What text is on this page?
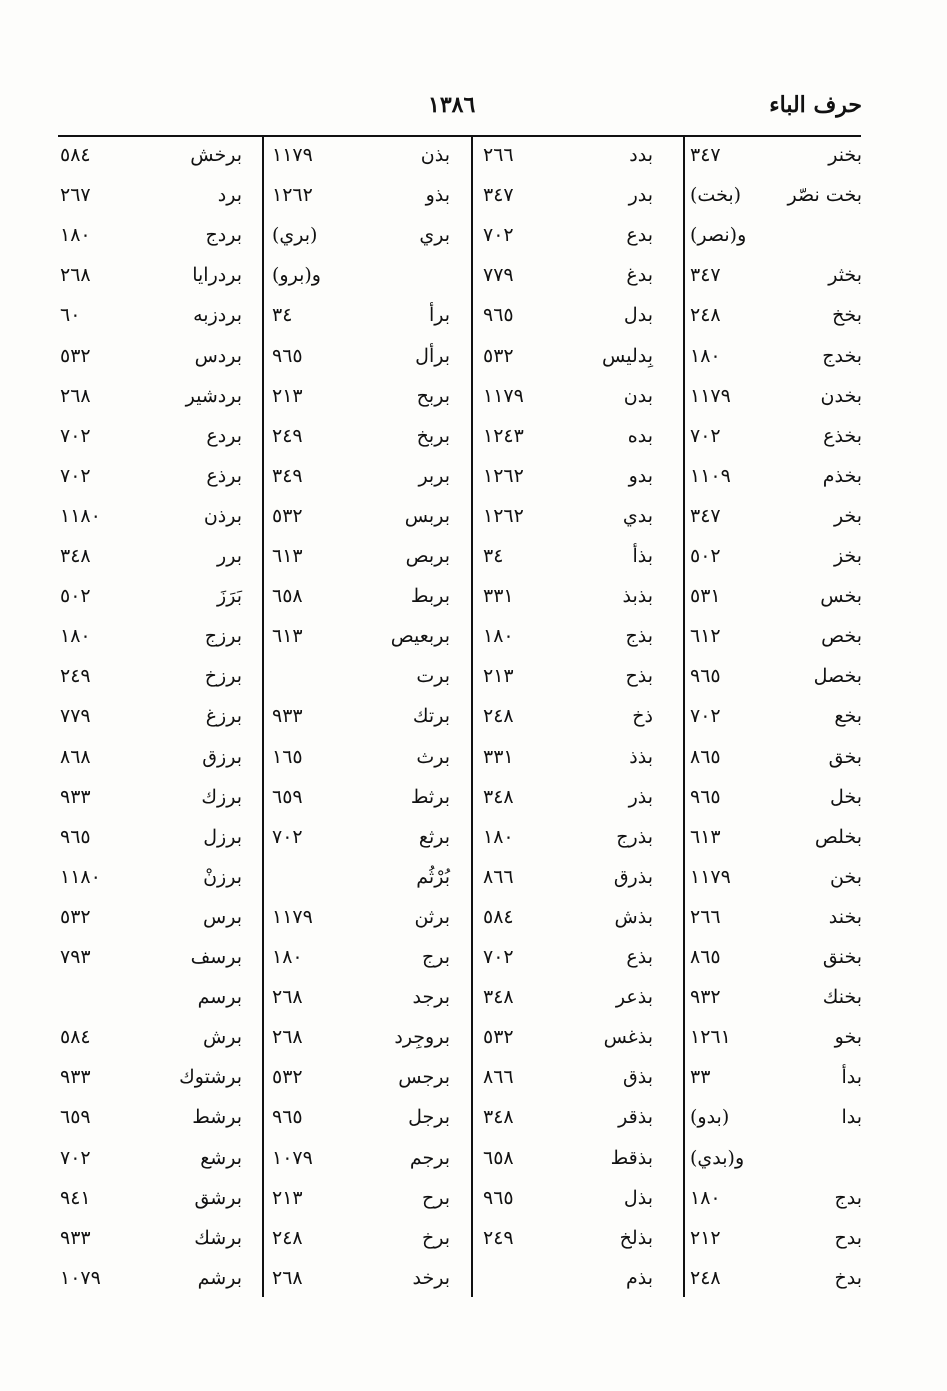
حرف الباء
١٣٨٦
بخنر
٣٤٧
بخت نصّر
(بخت)
و(نصر)
بخثر
٣٤٧
بخخ
٢٤٨
بخدج
١٨٠
بخدن
١١٧٩
بخذع
٧٠٢
بخذم
١١٠٩
بخر
٣٤٧
بخز
٥٠٢
بخس
٥٣١
بخص
٦١٢
بخصل
٩٦٥
بخع
٧٠٢
بخق
٨٦٥
بخل
٩٦٥
بخلص
٦١٣
بخن
١١٧٩
بخند
٢٦٦
بخنق
٨٦٥
بخنك
٩٣٢
بخو
١٢٦١
بدأ
٣٣
بدا
(بدو)
و(بدي)
بدج
١٨٠
بدح
٢١٢
بدخ
٢٤٨
بدد
٢٦٦
بدر
٣٤٧
بدع
٧٠٢
بدغ
٧٧٩
بدل
٩٦٥
بِدليس
٥٣٢
بدن
١١٧٩
بده
١٢٤٣
بدو
١٢٦٢
بدي
١٢٦٢
بذأ
٣٤
بذبذ
٣٣١
بذج
١٨٠
بذح
٢١٣
ذخ
٢٤٨
بذذ
٣٣١
بذر
٣٤٨
بذرج
١٨٠
بذرق
٨٦٦
بذش
٥٨٤
بذع
٧٠٢
بذعر
٣٤٨
بذغس
٥٣٢
بذق
٨٦٦
بذقر
٣٤٨
بذقط
٦٥٨
بذل
٩٦٥
بذلخ
٢٤٩
بذم
بذن
١١٧٩
بذو
١٢٦٢
بري
(بري)
و(برو)
برأ
٣٤
برأل
٩٦٥
بربح
٢١٣
بربخ
٢٤٩
بربر
٣٤٩
بربس
٥٣٢
بربص
٦١٣
بربط
٦٥٨
بربعيص
٦١٣
برت
برتك
٩٣٣
برث
١٦٥
برثط
٦٥٩
برثع
٧٠٢
بُرْثُم
برثن
١١٧٩
برج
١٨٠
برجد
٢٦٨
بروجِرد
٢٦٨
برجس
٥٣٢
برجل
٩٦٥
برجم
١٠٧٩
برح
٢١٣
برخ
٢٤٨
برخد
٢٦٨
برخش
٥٨٤
برد
٢٦٧
بردج
١٨٠
بردرايا
٢٦٨
بردزبه
٦٠
بردس
٥٣٢
بردشير
٢٦٨
بردع
٧٠٢
برذع
٧٠٢
برذن
١١٨٠
برر
٣٤٨
بَرَزَ
٥٠٢
برزج
١٨٠
برزخ
٢٤٩
برزغ
٧٧٩
برزق
٨٦٨
برزك
٩٣٣
برزل
٩٦٥
برزنْ
١١٨٠
برس
٥٣٢
برسف
٧٩٣
برسم
برش
٥٨٤
برشتوك
٩٣٣
برشط
٦٥٩
برشع
٧٠٢
برشق
٩٤١
برشك
٩٣٣
برشم
١٠٧٩
